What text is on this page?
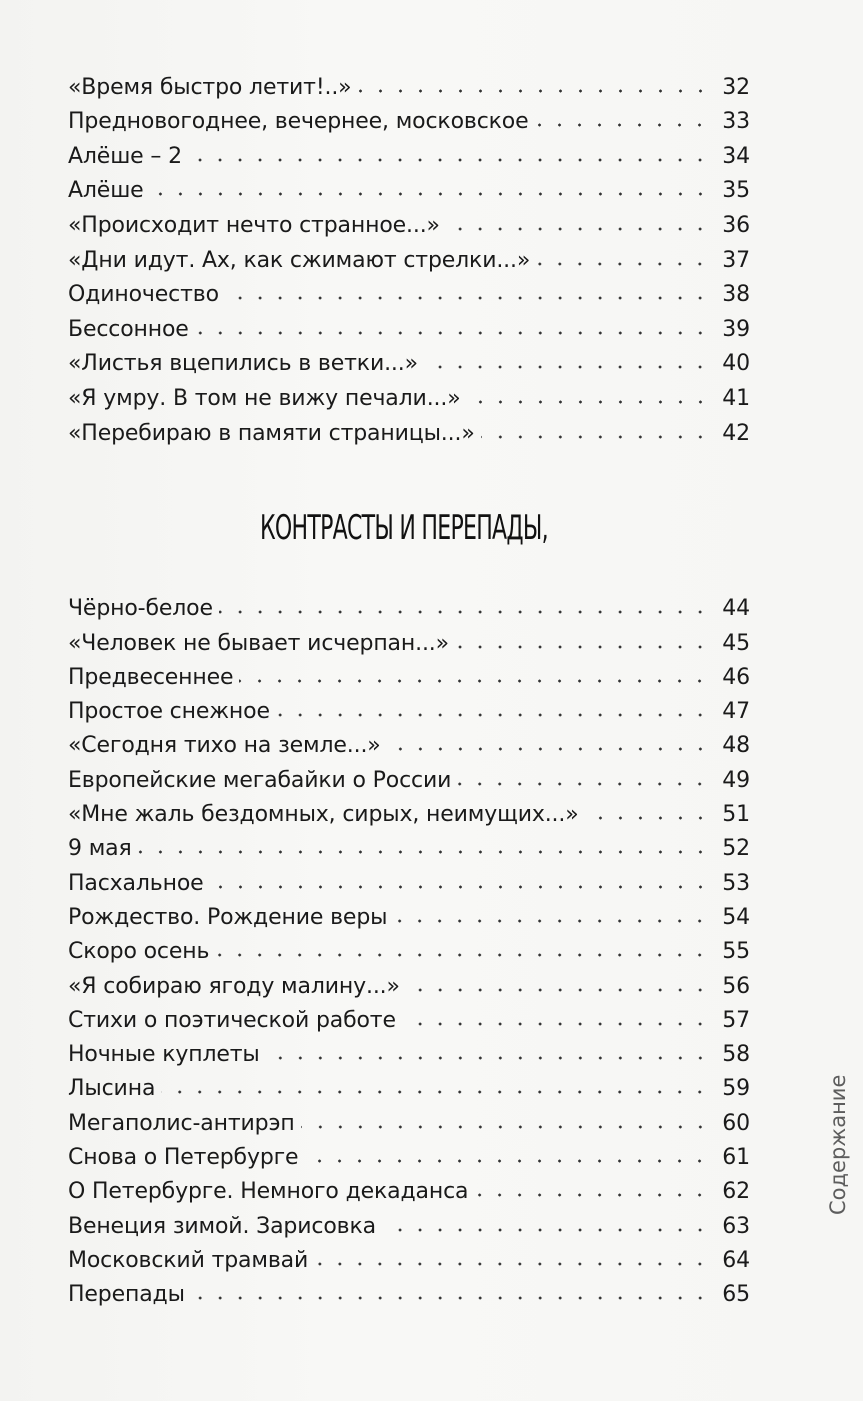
«Время быстро летит!..»	32
Предновогоднее, вечернее, московское	33
Алёше – 2	34
Алёше	35
«Происходит нечто странное...»	36
«Дни идут. Ах, как сжимают стрелки...»	37
Одиночество	38
Бессонное	39
«Листья вцепились в ветки...»	40
«Я умру. В том не вижу печали...»	41
«Перебираю в памяти страницы...»	42
КОНТРАСТЫ И ПЕРЕПАДЫ,
Чёрно-белое	44
«Человек не бывает исчерпан...»	45
Предвесеннее	46
Простое снежное	47
«Сегодня тихо на земле...»	48
Европейские мегабайки о России	49
«Мне жаль бездомных, сирых, неимущих...»	51
9 мая	52
Пасхальное	53
Рождество. Рождение веры	54
Скоро осень	55
«Я собираю ягоду малину...»	56
Стихи о поэтической работе	57
Ночные куплеты	58
Лысина	59
Мегаполис-антирэп	60
Снова о Петербурге	61
О Петербурге. Немного декаданса	62
Венеция зимой. Зарисовка	63
Московский трамвай	64
Перепады	65
Содержание
